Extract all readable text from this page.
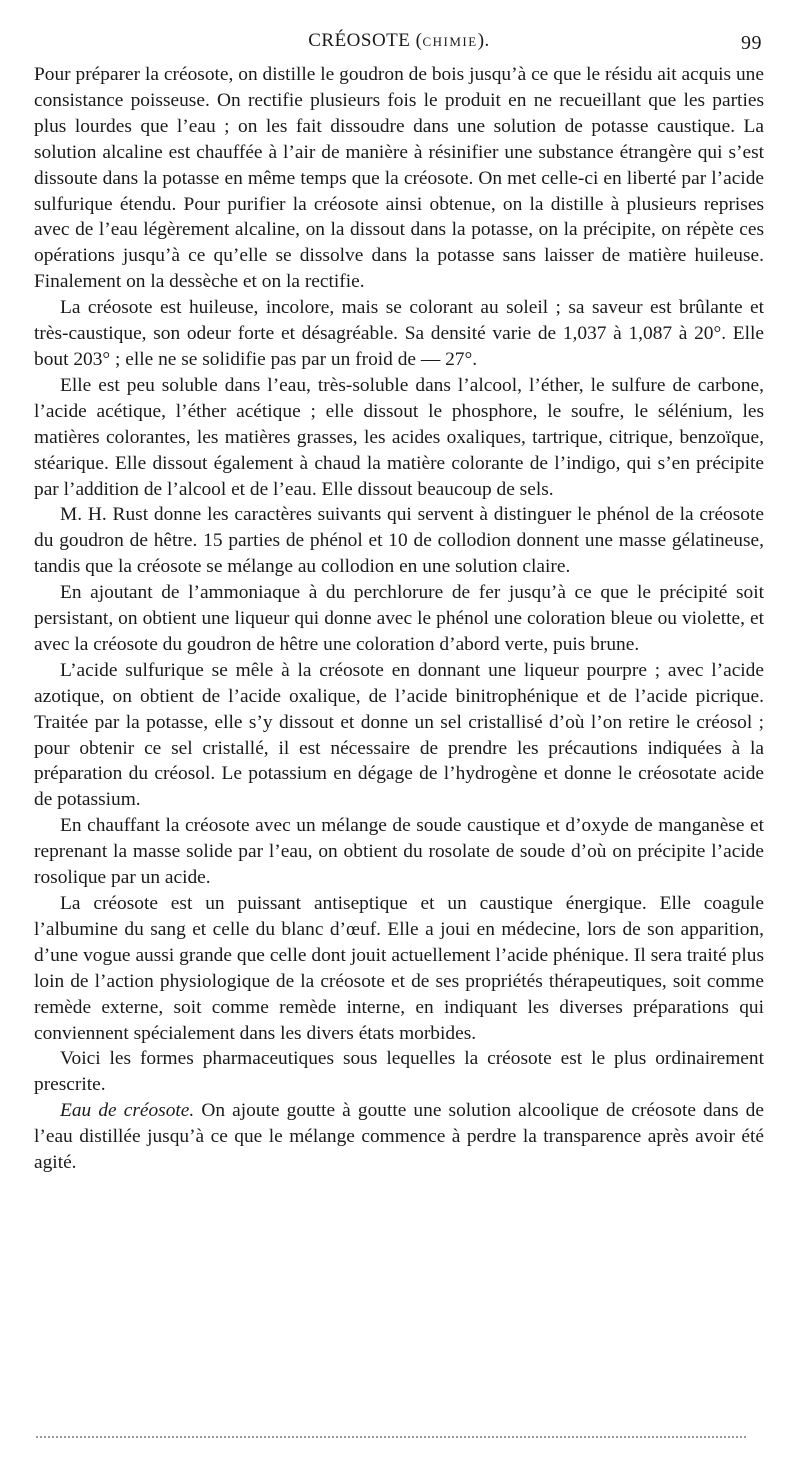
CRÉOSOTE (CHIMIE).	99

Pour préparer la créosote, on distille le goudron de bois jusqu’à ce que le résidu ait acquis une consistance poisseuse. On rectifie plusieurs fois le produit en ne recueillant que les parties plus lourdes que l’eau ; on les fait dissoudre dans une solution de potasse caustique. La solution alcaline est chauffée à l’air de manière à résinifier une substance étrangère qui s’est dissoute dans la potasse en même temps que la créosote. On met celle-ci en liberté par l’acide sulfurique étendu. Pour purifier la créosote ainsi obtenue, on la distille à plusieurs reprises avec de l’eau légèrement alcaline, on la dissout dans la potasse, on la précipite, on répète ces opérations jusqu’à ce qu’elle se dissolve dans la potasse sans laisser de matière huileuse. Finalement on la dessèche et on la rectifie.

La créosote est huileuse, incolore, mais se colorant au soleil ; sa saveur est brûlante et très-caustique, son odeur forte et désagréable. Sa densité varie de 1,037 à 1,087 à 20°. Elle bout 203° ; elle ne se solidifie pas par un froid de — 27°.

Elle est peu soluble dans l’eau, très-soluble dans l’alcool, l’éther, le sulfure de carbone, l’acide acétique, l’éther acétique ; elle dissout le phosphore, le soufre, le sélénium, les matières colorantes, les matières grasses, les acides oxaliques, tartrique, citrique, benzoïque, stéarique. Elle dissout également à chaud la matière colorante de l’indigo, qui s’en précipite par l’addition de l’alcool et de l’eau. Elle dissout beaucoup de sels.

M. H. Rust donne les caractères suivants qui servent à distinguer le phénol de la créosote du goudron de hêtre. 15 parties de phénol et 10 de collodion donnent une masse gélatineuse, tandis que la créosote se mélange au collodion en une solution claire.

En ajoutant de l’ammoniaque à du perchlorure de fer jusqu’à ce que le précipité soit persistant, on obtient une liqueur qui donne avec le phénol une coloration bleue ou violette, et avec la créosote du goudron de hêtre une coloration d’abord verte, puis brune.

L’acide sulfurique se mêle à la créosote en donnant une liqueur pourpre ; avec l’acide azotique, on obtient de l’acide oxalique, de l’acide binitrophénique et de l’acide picrique. Traitée par la potasse, elle s’y dissout et donne un sel cristallisé d’où l’on retire le créosol ; pour obtenir ce sel cristallé, il est nécessaire de prendre les précautions indiquées à la préparation du créosol. Le potassium en dégage de l’hydrogène et donne le créosotate acide de potassium.

En chauffant la créosote avec un mélange de soude caustique et d’oxyde de manganèse et reprenant la masse solide par l’eau, on obtient du rosolate de soude d’où on précipite l’acide rosolique par un acide.

La créosote est un puissant antiseptique et un caustique énergique. Elle coagule l’albumine du sang et celle du blanc d’œuf. Elle a joui en médecine, lors de son apparition, d’une vogue aussi grande que celle dont jouit actuellement l’acide phénique. Il sera traité plus loin de l’action physiologique de la créosote et de ses propriétés thérapeutiques, soit comme remède externe, soit comme remède interne, en indiquant les diverses préparations qui conviennent spécialement dans les divers états morbides.

Voici les formes pharmaceutiques sous lequelles la créosote est le plus ordinairement prescrite.

Eau de créosote. On ajoute goutte à goutte une solution alcoolique de créosote dans de l’eau distillée jusqu’à ce que le mélange commence à perdre la transparence après avoir été agité.
